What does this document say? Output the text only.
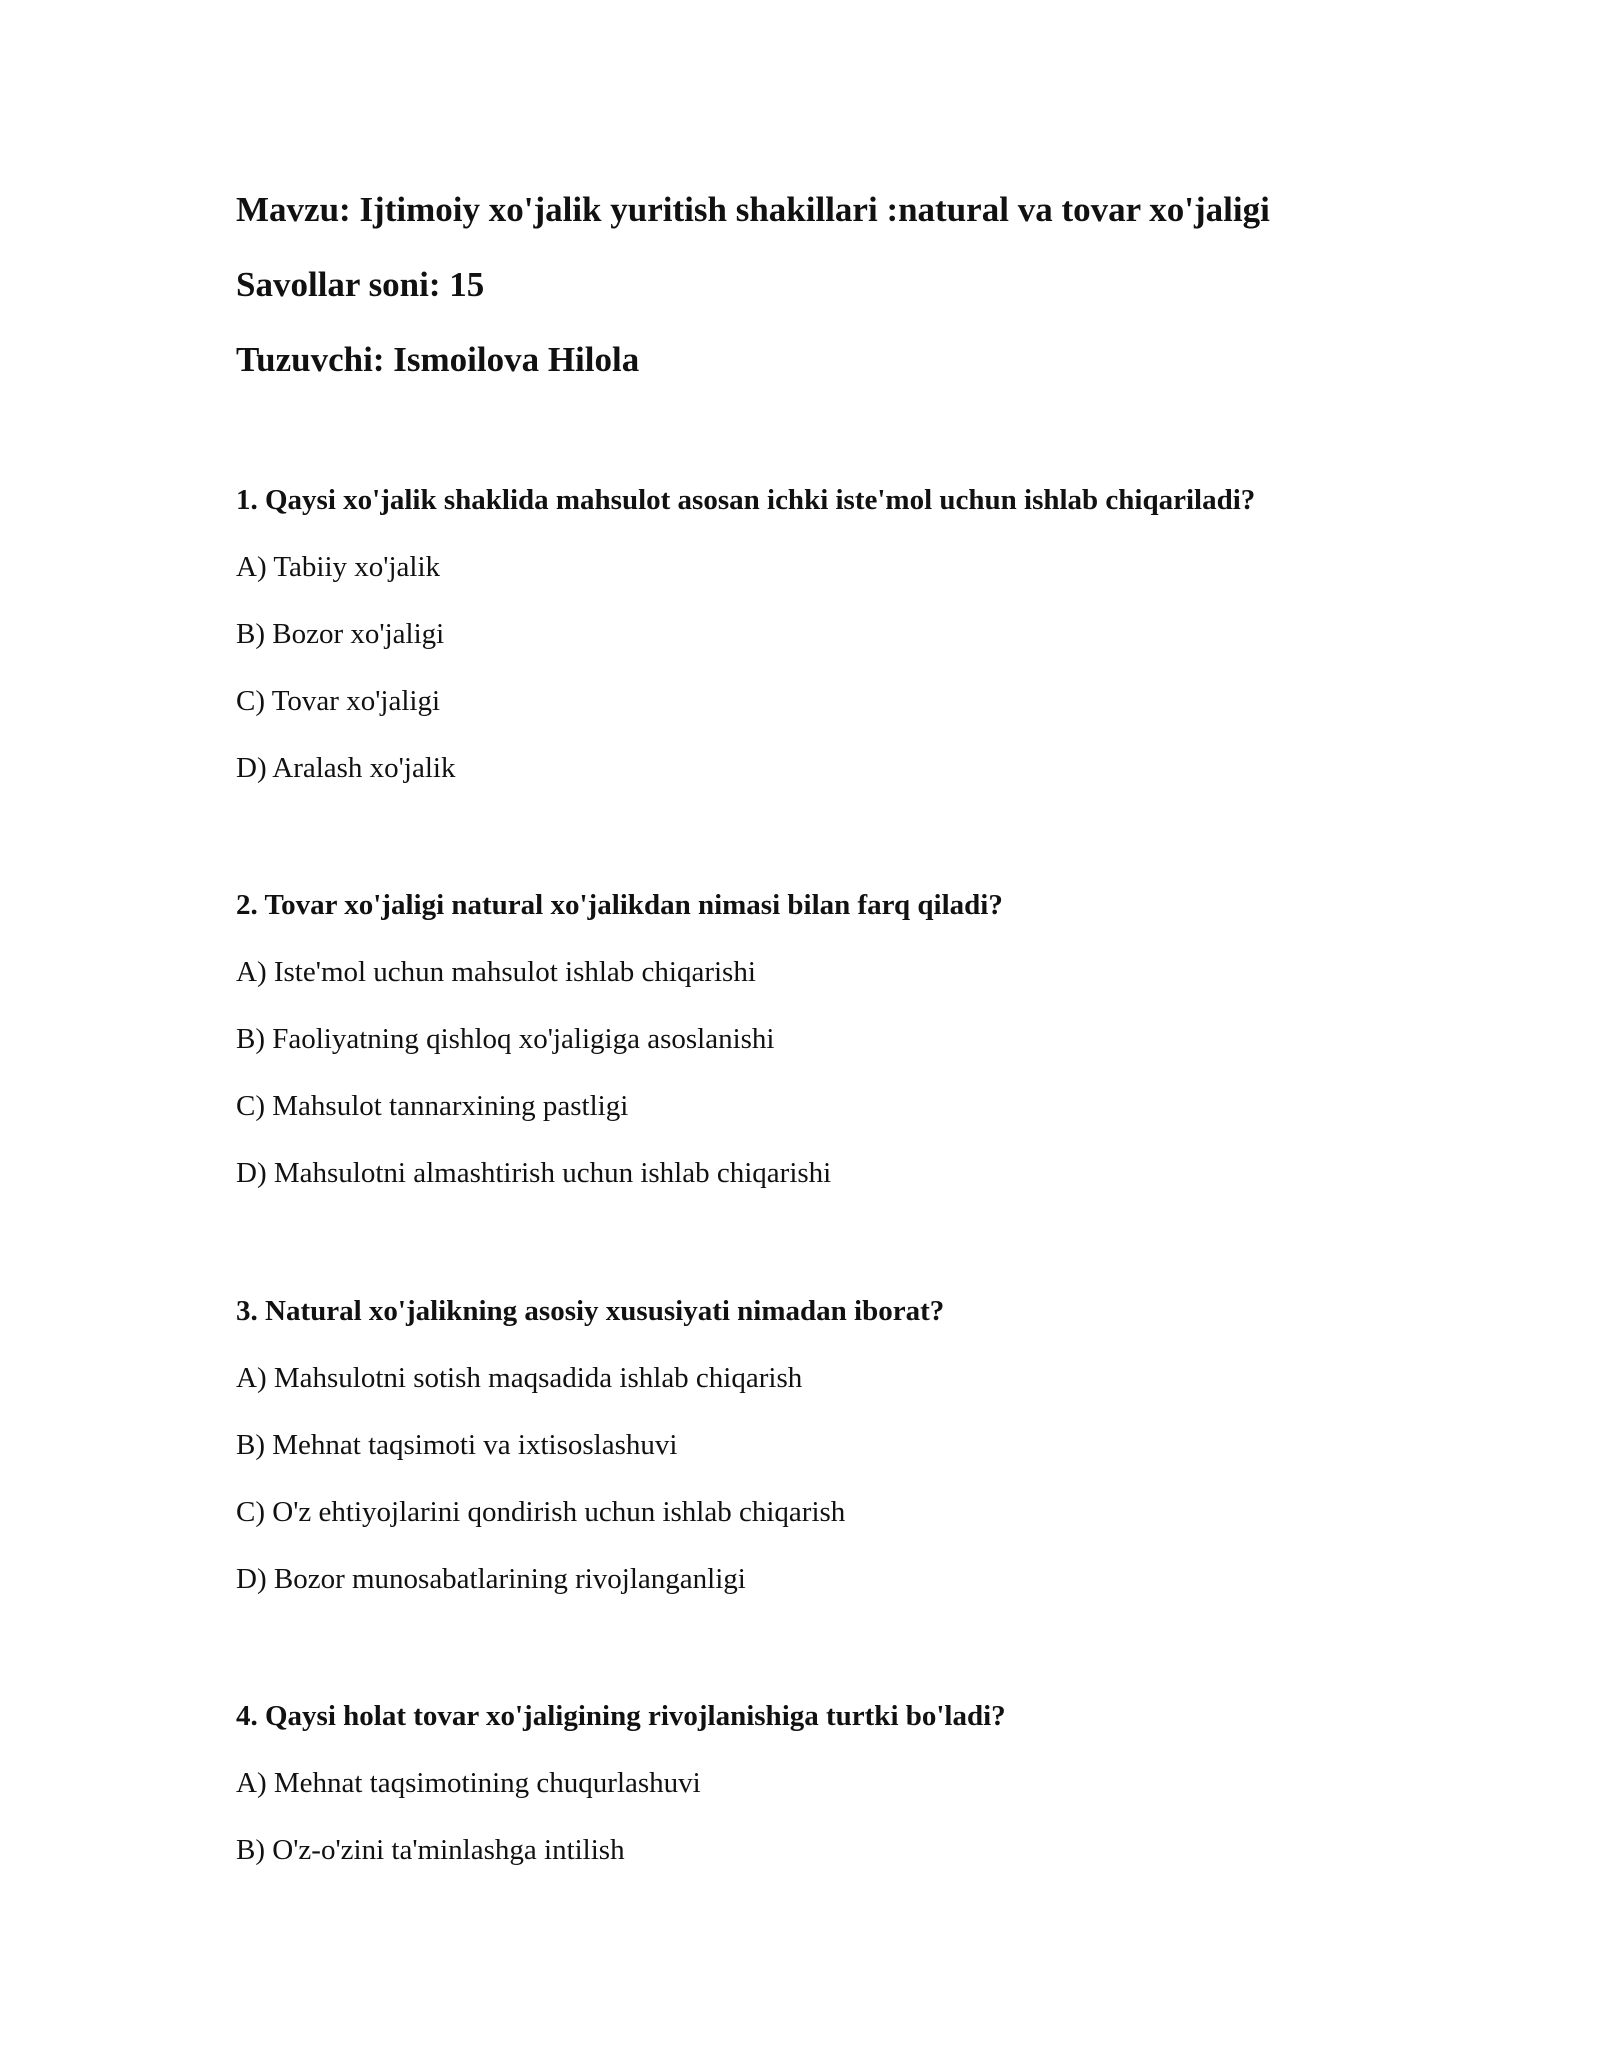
Mavzu: Ijtimoiy xo'jalik yuritish shakillari :natural va tovar xo'jaligi
Savollar soni: 15
Tuzuvchi: Ismoilova Hilola
1. Qaysi xo'jalik shaklida mahsulot asosan ichki iste'mol uchun ishlab chiqariladi?
A) Tabiiy xo'jalik
B) Bozor xo'jaligi
C) Tovar xo'jaligi
D) Aralash xo'jalik
2. Tovar xo'jaligi natural xo'jalikdan nimasi bilan farq qiladi?
A) Iste'mol uchun mahsulot ishlab chiqarishi
B) Faoliyatning qishloq xo'jaligiga asoslanishi
C) Mahsulot tannarxining pastligi
D) Mahsulotni almashtirish uchun ishlab chiqarishi
3. Natural xo'jalikning asosiy xususiyati nimadan iborat?
A) Mahsulotni sotish maqsadida ishlab chiqarish
B) Mehnat taqsimoti va ixtisoslashuvi
C) O'z ehtiyojlarini qondirish uchun ishlab chiqarish
D) Bozor munosabatlarining rivojlanganligi
4. Qaysi holat tovar xo'jaligining rivojlanishiga turtki bo'ladi?
A) Mehnat taqsimotining chuqurlashuvi
B) O'z-o'zini ta'minlashga intilish
